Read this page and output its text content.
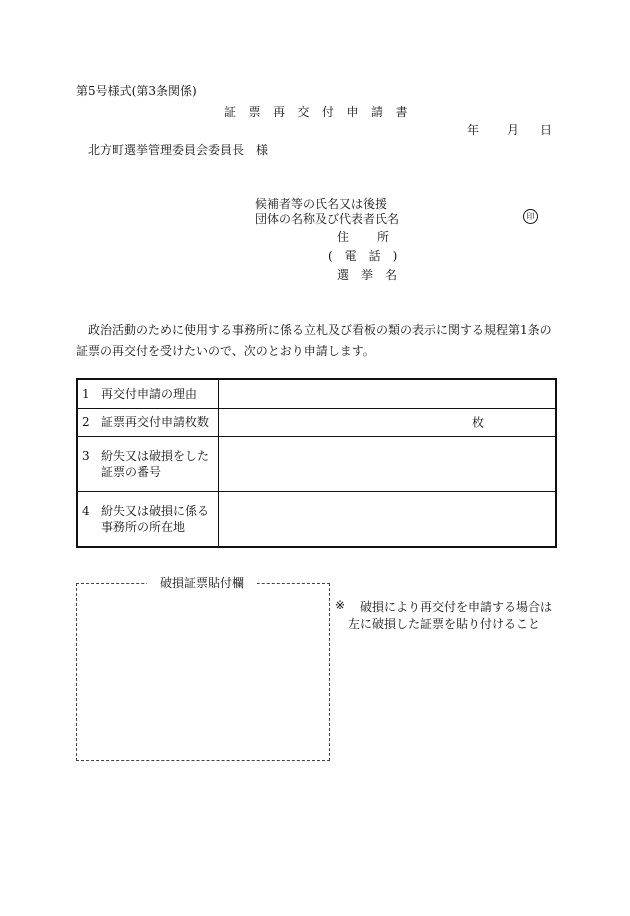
第5号様式(第3条関係)
証票再交付申請書
年 月 日
北方町選挙管理委員会委員長　様
候補者等の氏名又は後援
団体の名称及び代表者氏名	印
住所
(　電　話　)
選挙名
政治活動のために使用する事務所に係る立札及び看板の類の表示に関する規程第1条の証票の再交付を受けたいので、次のとおり申請します。
1 再交付申請の理由	

2 証票再交付申請枚数	枚

3 紛失又は破損をした
証票の番号	

4 紛失又は破損に係る
事務所の所在地	

破損証票貼付欄
※ 破損により再交付を申請する場合は
左に破損した証票を貼り付けること
